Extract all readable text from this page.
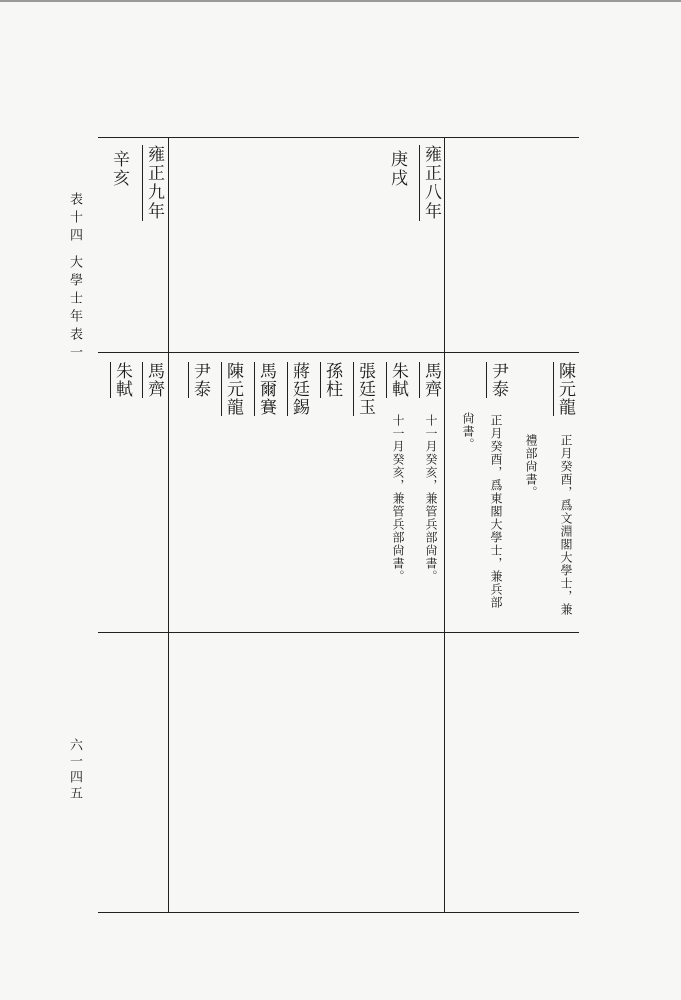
表十四 大學士年表一
雍正八年
庚戌
雍正九年
辛亥
陳元龍
正月癸酉，爲文淵閣大學士，兼
禮部尙書。
尹泰
正月癸酉，爲東閣大學士，兼兵部
尙書。
馬齊
十一月癸亥，兼管兵部尙書。
朱軾
十一月癸亥，兼管兵部尙書。
張廷玉
孫柱
蔣廷錫
馬爾賽
陳元龍
尹泰
馬齊
朱軾
六一四五
